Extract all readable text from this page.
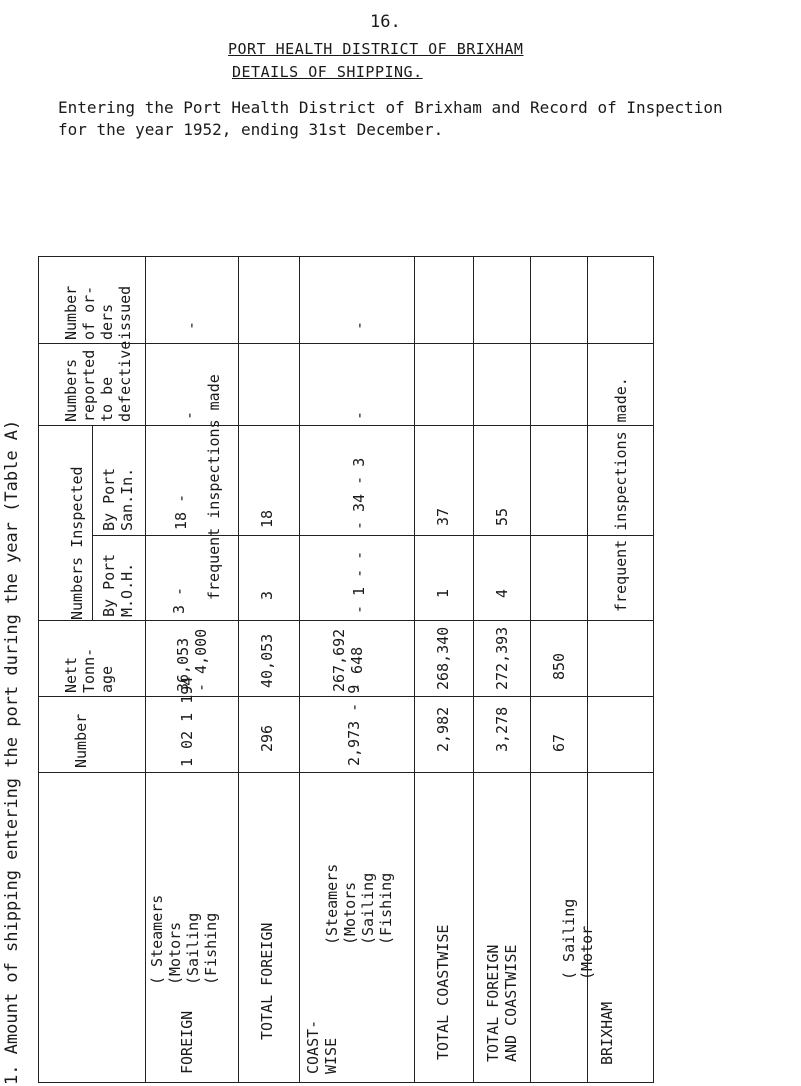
16.
PORT HEALTH DISTRICT OF BRIXHAM
DETAILS OF SHIPPING.
Entering the Port Health District of Brixham and Record of Inspection
for the year 1952, ending 31st December.
1. Amount of shipping entering the port during the year (Table A)
Number
of or-
ders
issued
Numbers
reported
to be
defective
Numbers Inspected By Port
San.In.
By Port
M.O.H.
Nett
Tonn-
age
Number
FOREIGN
( Steamers
(Motors
(Sailing
(Fishing
1 02 1 194
36,053
- 4,000
3 -
18 -
-
-
frequent inspections made
TOTAL FOREIGN
296
40,053
3
18
COAST-
WISE
(Steamers
(Motors
(Sailing
(Fishing
2,973 - 9
267,692
- 648
- 1 - -
- 34 - 3
-
-
TOTAL COASTWISE
2,982
268,340
1
37
TOTAL FOREIGN
AND COASTWISE
3,278
272,393
4
55
BRIXHAM
( Sailing
(Motor
67
850
frequent inspections made.
